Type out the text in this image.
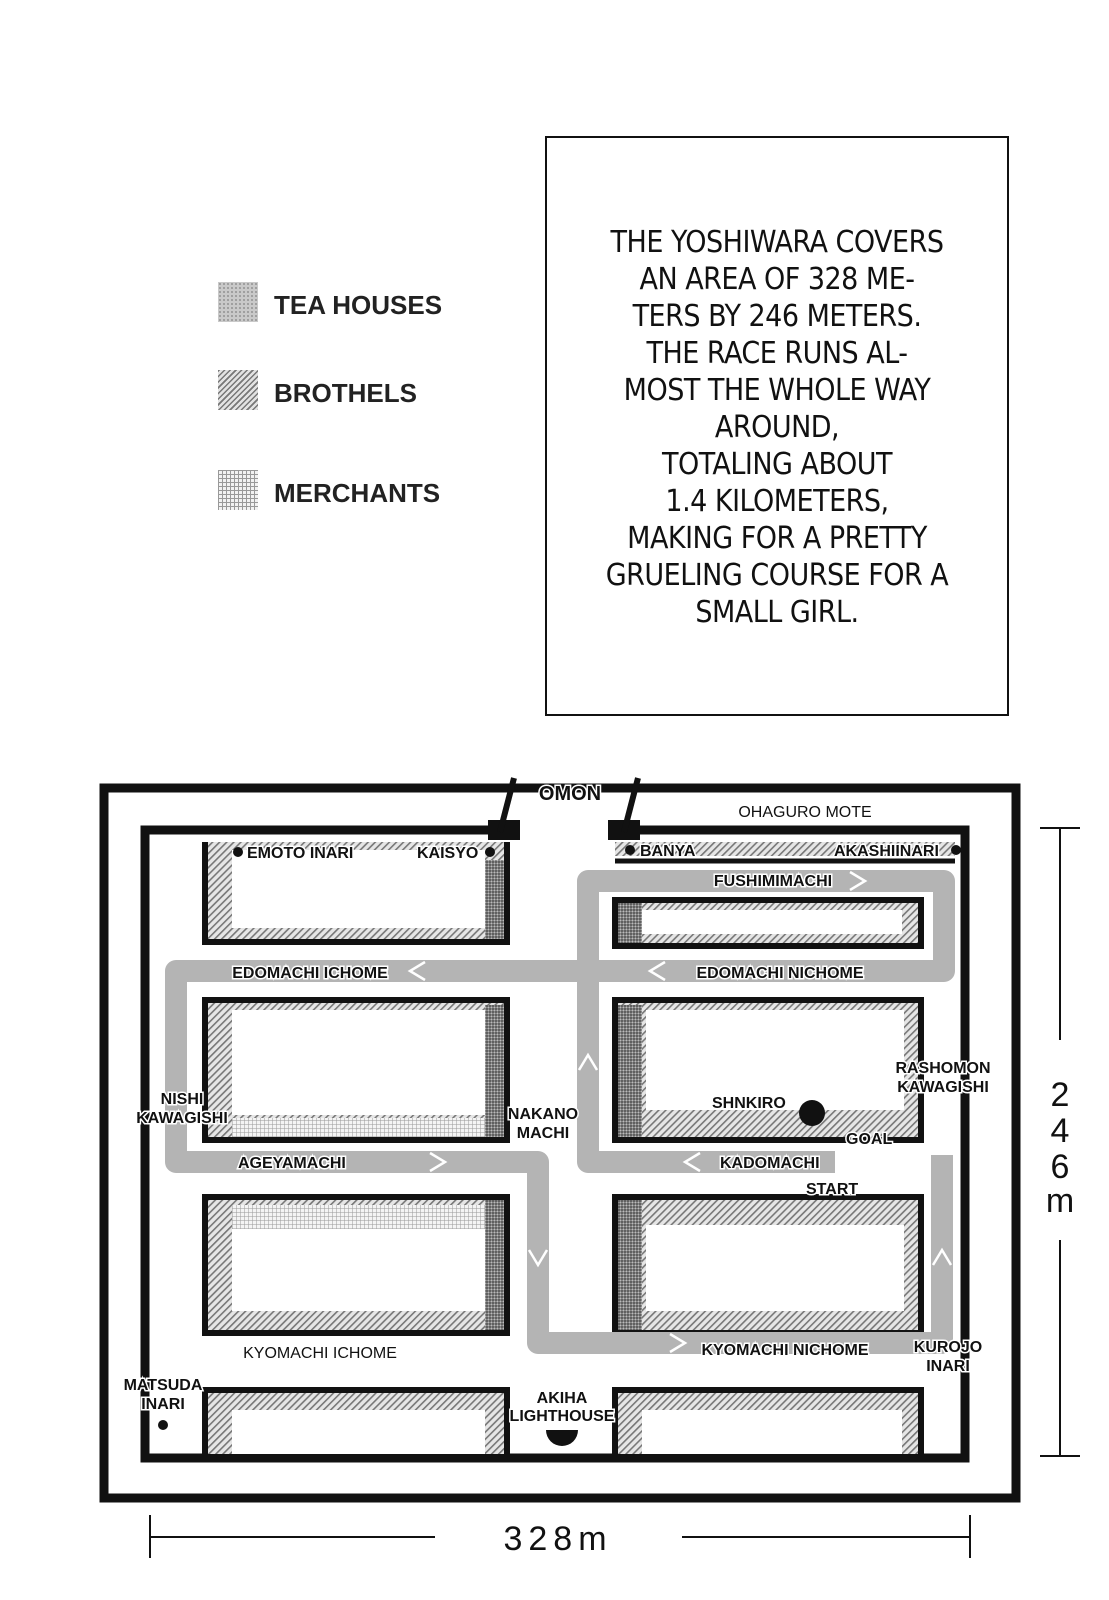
TEA HOUSES
BROTHELS
MERCHANTS
THE YOSHIWARA COVERS
AN AREA OF 328 ME-
TERS BY 246 METERS.
THE RACE RUNS AL-
MOST THE WHOLE WAY
AROUND,
TOTALING ABOUT
1.4 KILOMETERS,
MAKING FOR A PRETTY
GRUELING COURSE FOR A
SMALL GIRL.
OMON
OHAGURO MOTE
EMOTO INARI	KAISYO	BANYA	AKASHIINARI
FUSHIMIMACHI
EDOMACHI ICHOME	EDOMACHI NICHOME
RASHOMON
KAWAGISHI
NISHI
KAWAGISHI
SHNKIRO
NAKANO
MACHI	GOAL
AGEYAMACHI	KADOMACHI
START
KYOMACHI ICHOME	KYOMACHI NICHOME	KUROJO
INARI
MATSUDA
INARI	AKIHA
LIGHTHOUSE
2
4
6
m
328m
